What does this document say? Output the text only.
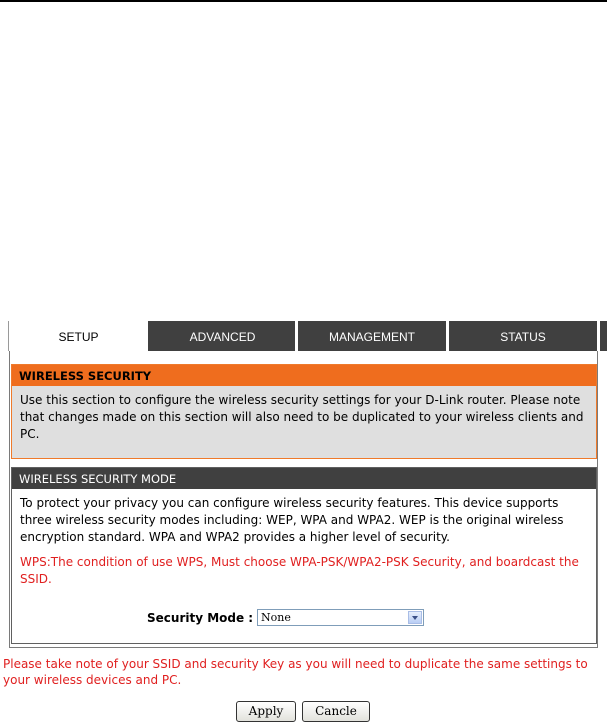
SETUP	ADVANCED	MANAGEMENT	STATUS
WIRELESS SECURITY
Use this section to configure the wireless security settings for your D-Link router. Please note that changes made on this section will also need to be duplicated to your wireless clients and PC.
WIRELESS SECURITY MODE
To protect your privacy you can configure wireless security features. This device supports three wireless security modes including: WEP, WPA and WPA2. WEP is the original wireless encryption standard. WPA and WPA2 provides a higher level of security.
WPS:The condition of use WPS, Must choose WPA-PSK/WPA2-PSK Security, and boardcast the SSID.
Security Mode : None
Please take note of your SSID and security Key as you will need to duplicate the same settings to your wireless devices and PC.
Apply	Cancle
